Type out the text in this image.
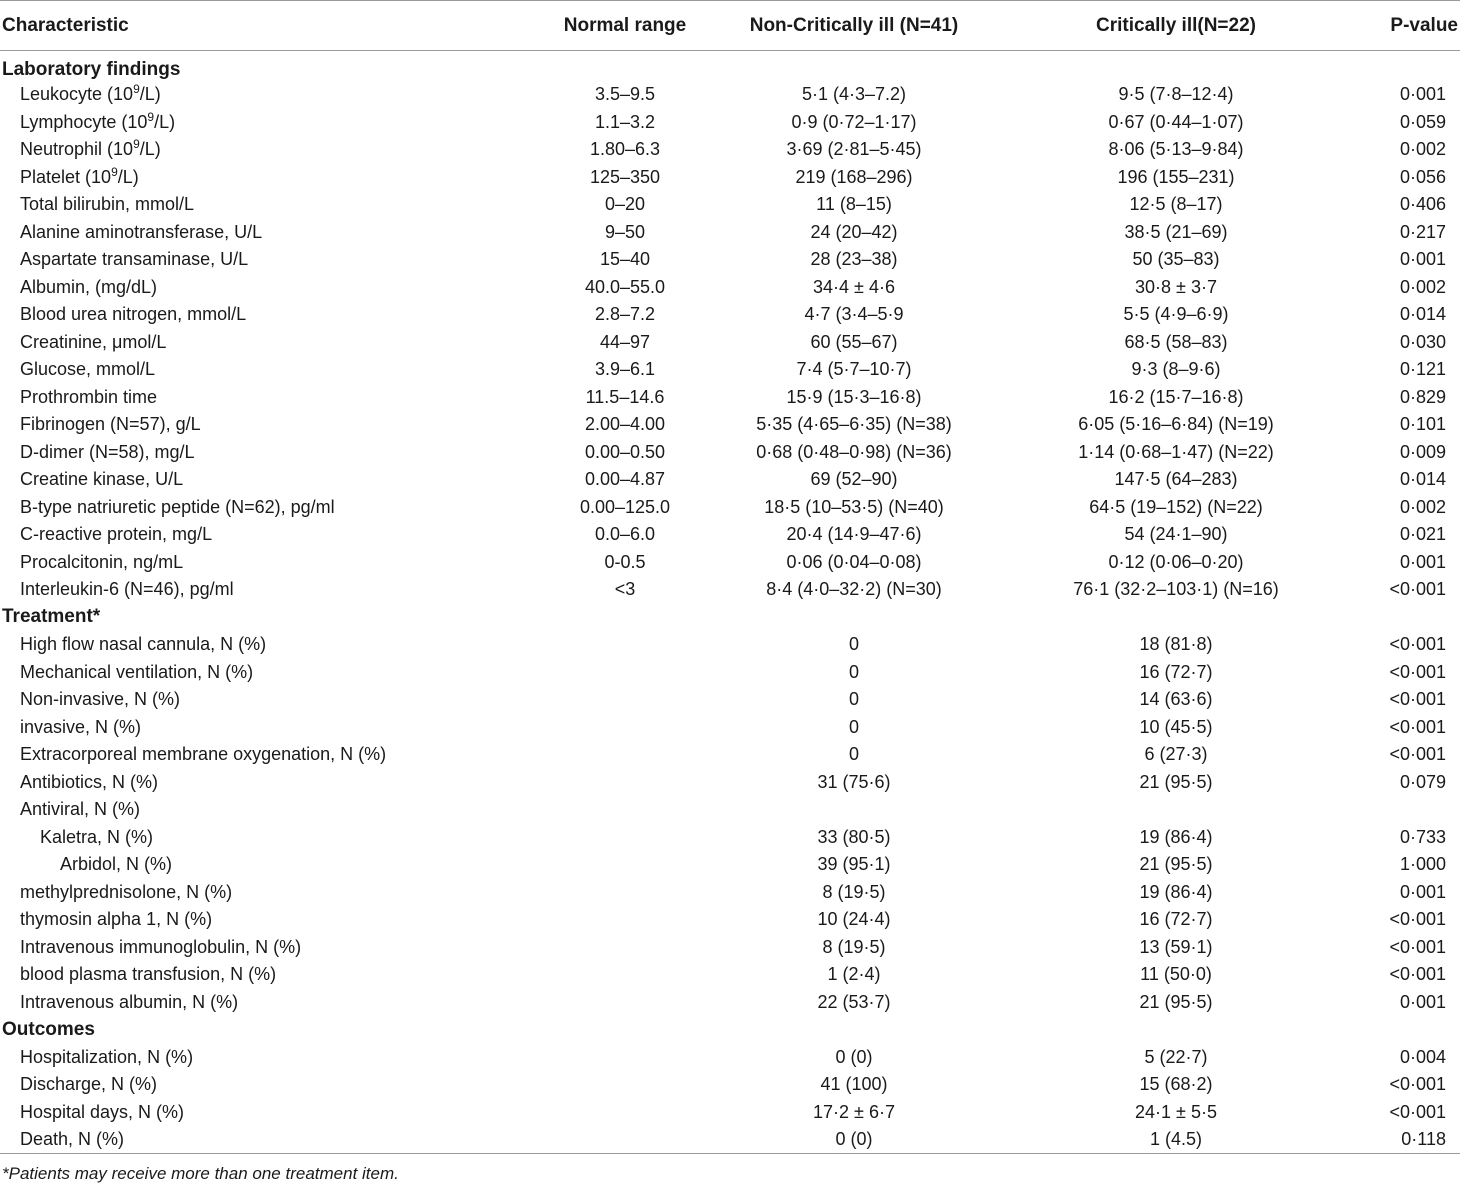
Characteristic	Normal range	Non-Critically ill (N=41)	Critically ill(N=22)	P-value
Laboratory findings				
Leukocyte $(10^9/L)$	3.5–9.5	5·1 (4·3–7.2)	9·5 (7·8–12·4)	0·001
Lymphocyte $(10^9/L)$	1.1–3.2	0·9 (0·72–1·17)	0·67 (0·44–1·07)	0·059
Neutrophil $(10^9/L)$	1.80–6.3	3·69 (2·81–5·45)	8·06 (5·13–9·84)	0·002
Platelet $(10^9/L)$	125–350	219 (168–296)	196 (155–231)	0·056
Total bilirubin, mmol/L	0–20	11 (8–15)	12·5 (8–17)	0·406
Alanine aminotransferase, U/L	9–50	24 (20–42)	38·5 (21–69)	0·217
Aspartate transaminase, U/L	15–40	28 (23–38)	50 (35–83)	0·001
Albumin, (mg/dL)	40.0–55.0	34·4 ± 4·6	30·8 ± 3·7	0·002
Blood urea nitrogen, mmol/L	2.8–7.2	4·7 (3·4–5·9	5·5 (4·9–6·9)	0·014
Creatinine, μmol/L	44–97	60 (55–67)	68·5 (58–83)	0·030
Glucose, mmol/L	3.9–6.1	7·4 (5·7–10·7)	9·3 (8–9·6)	0·121
Prothrombin time	11.5–14.6	15·9 (15·3–16·8)	16·2 (15·7–16·8)	0·829
Fibrinogen (N=57), g/L	2.00–4.00	5·35 (4·65–6·35) (N=38)	6·05 (5·16–6·84) (N=19)	0·101
D-dimer (N=58), mg/L	0.00–0.50	0·68 (0·48–0·98) (N=36)	1·14 (0·68–1·47) (N=22)	0·009
Creatine kinase, U/L	0.00–4.87	69 (52–90)	147·5 (64–283)	0·014
B-type natriuretic peptide (N=62), pg/ml	0.00–125.0	18·5 (10–53·5) (N=40)	64·5 (19–152) (N=22)	0·002
C-reactive protein, mg/L	0.0–6.0	20·4 (14·9–47·6)	54 (24·1–90)	0·021
Procalcitonin, ng/mL	0-0.5	0·06 (0·04–0·08)	0·12 (0·06–0·20)	0·001
Interleukin-6 (N=46), pg/ml	<3	8·4 (4·0–32·2) (N=30)	76·1 (32·2–103·1) (N=16)	<0·001
Treatment*				
High flow nasal cannula, N (%)		0	18 (81·8)	<0·001
Mechanical ventilation, N (%)		0	16 (72·7)	<0·001
Non-invasive, N (%)		0	14 (63·6)	<0·001
invasive, N (%)		0	10 (45·5)	<0·001
Extracorporeal membrane oxygenation, N (%)		0	6 (27·3)	<0·001
Antibiotics, N (%)		31 (75·6)	21 (95·5)	0·079
Antiviral, N (%)				
Kaletra, N (%)		33 (80·5)	19 (86·4)	0·733
Arbidol, N (%)		39 (95·1)	21 (95·5)	1·000
methylprednisolone, N (%)		8 (19·5)	19 (86·4)	0·001
thymosin alpha 1, N (%)		10 (24·4)	16 (72·7)	<0·001
Intravenous immunoglobulin, N (%)		8 (19·5)	13 (59·1)	<0·001
blood plasma transfusion, N (%)		1 (2·4)	11 (50·0)	<0·001
Intravenous albumin, N (%)		22 (53·7)	21 (95·5)	0·001
Outcomes				
Hospitalization, N (%)		0 (0)	5 (22·7)	0·004
Discharge, N (%)		41 (100)	15 (68·2)	<0·001
Hospital days, N (%)		17·2 ± 6·7	24·1 ± 5·5	<0·001
Death, N (%)		0 (0)	1 (4.5)	0·118
*Patients may receive more than one treatment item.
